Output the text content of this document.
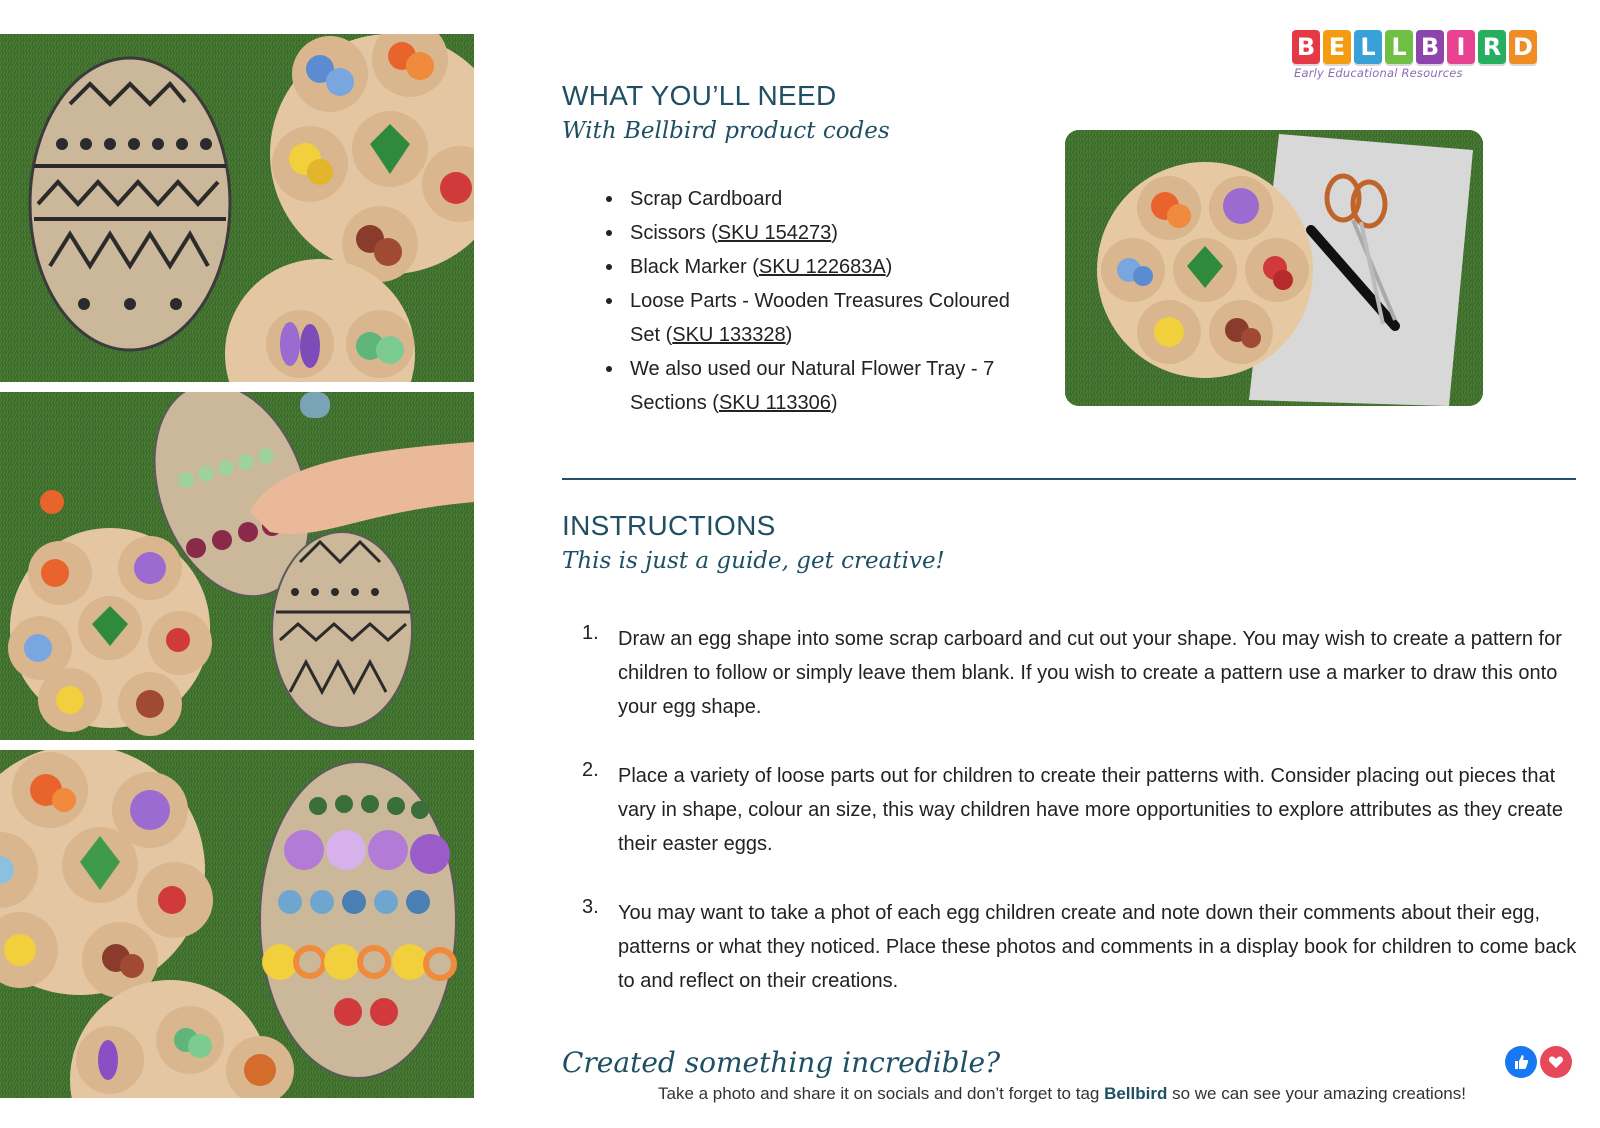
B E L L B I R D
Early Educational Resources
WHAT YOU’LL NEED
With Bellbird product codes
Scrap Cardboard
Scissors (SKU 154273)
Black Marker (SKU 122683A)
Loose Parts - Wooden Treasures Coloured Set (SKU 133328)
We also used our Natural Flower Tray - 7 Sections (SKU 113306)
INSTRUCTIONS
This is just a guide, get creative!
1. Draw an egg shape into some scrap carboard and cut out your shape. You may wish to create a pattern for children to follow or simply leave them blank. If you wish to create a pattern use a marker to draw this onto your egg shape.
2. Place a variety of loose parts out for children to create their patterns with. Consider placing out pieces that vary in shape, colour an size, this way children have more opportunities to explore attributes as they create their easter eggs.
3. You may want to take a phot of each egg children create and note down their comments about their egg, patterns or what they noticed. Place these photos and comments in a display book for children to come back to and reflect on their creations.
Created something incredible?
Take a photo and share it on socials and don’t forget to tag Bellbird so we can see your amazing creations!
